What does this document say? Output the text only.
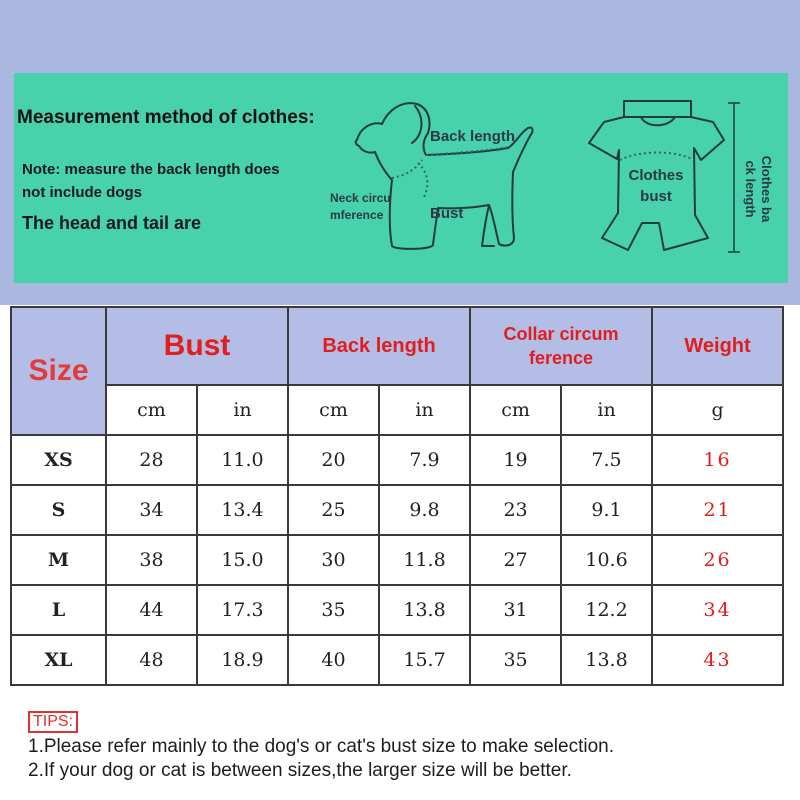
Measurement method of clothes:
Note: measure the back length does
not include dogs
The head and tail are
Back length
Neck circu
mference	Bust
Clothes
bust	Clothes ba
ck length
Size	Bust		Back length		Collar circum
ference		Weight
	cm	in	cm	in	cm	in	g
XS	28	11.0	20	7.9	19	7.5	16
S	34	13.4	25	9.8	23	9.1	21
M	38	15.0	30	11.8	27	10.6	26
L	44	17.3	35	13.8	31	12.2	34
XL	48	18.9	40	15.7	35	13.8	43
TIPS:
1.Please refer mainly to the dog's or cat's bust size to make selection.
2.If your dog or cat is between sizes,the larger size will be better.
